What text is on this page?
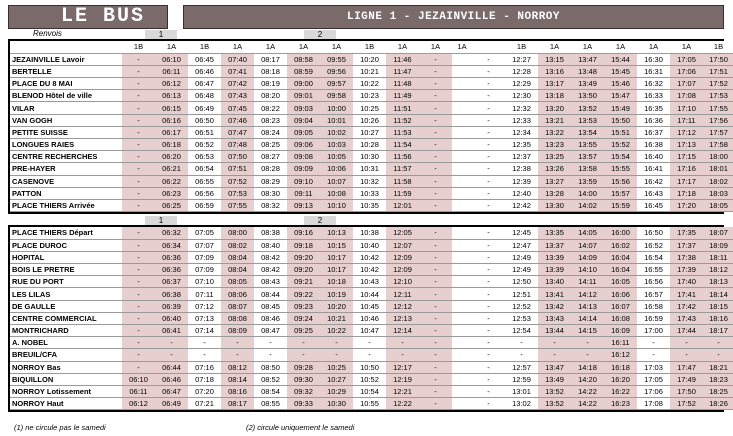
LE BUS	LIGNE 1 - JEZAINVILLE - NORROY
Renvois	1	2
	1B	1A	1B	1A	1A	1A	1A	1B	1A	1A	1A		1B	1A	1A	1A	1A	1A	1B	
JEZAINVILLE Lavoir	-	06:10	06:45	07:40	08:17	08:58	09:55	10:20	11:46	-		-	12:27	13:15	13:47	15:44	16:30	17:05	17:50	
BERTELLE	-	06:11	06:46	07:41	08:18	08:59	09:56	10:21	11:47	-		-	12:28	13:16	13:48	15:45	16:31	17:06	17:51	
PLACE DU 8 MAI	-	06:12	06:47	07:42	08:19	09:00	09:57	10:22	11:48	-		-	12:29	13:17	13:49	15:46	16:32	17:07	17:52	
BLENOD Hôtel de ville	-	06:13	06:48	07:43	08:20	09:01	09:58	10:23	11:49	-		-	12:30	13:18	13:50	15:47	16:33	17:08	17:53	
VILAR	-	06:15	06:49	07:45	08:22	09:03	10:00	10:25	11:51	-		-	12:32	13:20	13:52	15:49	16:35	17:10	17:55	
VAN GOGH	-	06:16	06:50	07:46	08:23	09:04	10:01	10:26	11:52	-		-	12:33	13:21	13:53	15:50	16:36	17:11	17:56	
PETITE SUISSE	-	06:17	06:51	07:47	08:24	09:05	10:02	10:27	11:53	-		-	12:34	13:22	13:54	15:51	16:37	17:12	17:57	
LONGUES RAIES	-	06:18	06:52	07:48	08:25	09:06	10:03	10:28	11:54	-		-	12:35	13:23	13:55	15:52	16:38	17:13	17:58	
CENTRE RECHERCHES	-	06:20	06:53	07:50	08:27	09:08	10:05	10:30	11:56	-		-	12:37	13:25	13:57	15:54	16:40	17:15	18:00	
PRE-HAYER	-	06:21	06:54	07:51	08:28	09:09	10:06	10:31	11:57	-		-	12:38	13:26	13:58	15:55	16:41	17:16	18:01	
CASENOVE	-	06:22	06:55	07:52	08:29	09:10	10:07	10:32	11:58	-		-	12:39	13:27	13:59	15:56	16:42	17:17	18:02	
PATTON	-	06:23	06:56	07:53	08:30	09:11	10:08	10:33	11:59	-		-	12:40	13:28	14:00	15:57	16:43	17:18	18:03	
PLACE THIERS Arrivée	-	06:25	06:59	07:55	08:32	09:13	10:10	10:35	12:01	-		-	12:42	13:30	14:02	15:59	16:45	17:20	18:05	
1	2
PLACE THIERS Départ	-	06:32	07:05	08:00	08:38	09:16	10:13	10:38	12:05	-		-	12:45	13:35	14:05	16:00	16:50	17:35	18:07	
PLACE DUROC	-	06:34	07:07	08:02	08:40	09:18	10:15	10:40	12:07	-		-	12:47	13:37	14:07	16:02	16:52	17:37	18:09	
HOPITAL	-	06:36	07:09	08:04	08:42	09:20	10:17	10:42	12:09	-		-	12:49	13:39	14:09	16:04	16:54	17:38	18:11	
BOIS LE PRETRE	-	06:36	07:09	08:04	08:42	09:20	10:17	10:42	12:09	-		-	12:49	13:39	14:10	16:04	16:55	17:39	18:12	
RUE DU PORT	-	06:37	07:10	08:05	08:43	09:21	10:18	10:43	12:10	-		-	12:50	13:40	14:11	16:05	16:56	17:40	18:13	
LES LILAS	-	06:38	07:11	08:06	08:44	09:22	10:19	10:44	12:11	-		-	12:51	13:41	14:12	16:06	16:57	17:41	18:14	
DE GAULLE	-	06:39	07:12	08:07	08:45	09:23	10:20	10:45	12:12	-		-	12:52	13:42	14:13	16:07	16:58	17:42	18:15	
CENTRE COMMERCIAL	-	06:40	07:13	08:08	08:46	09:24	10:21	10:46	12:13	-		-	12:53	13:43	14:14	16:08	16:59	17:43	18:16	
MONTRICHARD	-	06:41	07:14	08:09	08:47	09:25	10:22	10:47	12:14	-		-	12:54	13:44	14:15	16:09	17:00	17:44	18:17	
A. NOBEL	-	-	-	-	-	-	-	-	-	-		-	-	-	-	16:11	-	-	-	
BREUIL/CFA	-	-	-	-	-	-	-	-	-	-		-	-	-	-	16:12	-	-	-	
NORROY Bas	-	06:44	07:16	08:12	08:50	09:28	10:25	10:50	12:17	-		-	12:57	13:47	14:18	16:18	17:03	17:47	18:21	
BIQUILLON	06:10	06:46	07:18	08:14	08:52	09:30	10:27	10:52	12:19	-		-	12:59	13:49	14:20	16:20	17:05	17:49	18:23	
NORROY Lotissement	06:11	06:47	07:20	08:16	08:54	09:32	10:29	10:54	12:21	-		-	13:01	13:52	14:22	16:22	17:06	17:50	18:25	
NORROY Haut	06:12	06:49	07:21	08:17	08:55	09:33	10:30	10:55	12:22	-		-	13:02	13:52	14:22	16:23	17:08	17:52	18:26	
(1) ne circule pas le samedi	(2) circule uniquement le samedi
